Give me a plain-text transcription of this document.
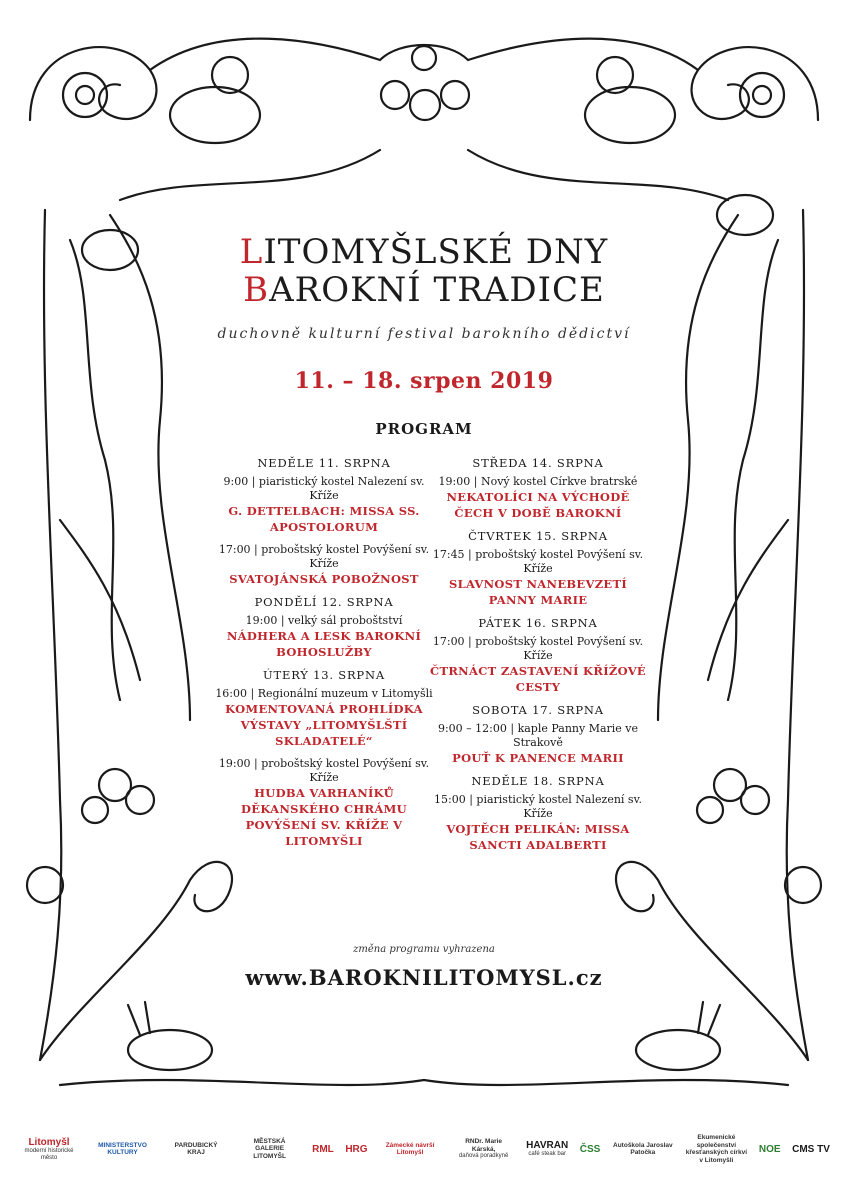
LITOMYŠLSKÉ DNY
BAROKNÍ TRADICE
duchovně kulturní festival barokního dědictví
11. – 18. srpen 2019
PROGRAM
NEDĚLE 11. SRPNA
9:00 | piaristický kostel Nalezení sv. Kříže
G. DETTELBACH: MISSA SS. APOSTOLORUM
17:00 | proboštský kostel Povýšení sv. Kříže
SVATOJÁNSKÁ POBOŽNOST
PONDĚLÍ 12. SRPNA
19:00 | velký sál proboštství
NÁDHERA A LESK BAROKNÍ BOHOSLUŽBY
ÚTERÝ 13. SRPNA
16:00 | Regionální muzeum v Litomyšli
KOMENTOVANÁ PROHLÍDKA VÝSTAVY „LITOMYŠLŠTÍ SKLADATELÉ“
19:00 | proboštský kostel Povýšení sv. Kříže
HUDBA VARHANÍKŮ DĚKANSKÉHO CHRÁMU POVÝŠENÍ SV. KŘÍŽE V LITOMYŠLI
STŘEDA 14. SRPNA
19:00 | Nový kostel Církve bratrské
NEKATOLÍCI NA VÝCHODĚ ČECH V DOBĚ BAROKNÍ
ČTVRTEK 15. SRPNA
17:45 | proboštský kostel Povýšení sv. Kříže
SLAVNOST NANEBEVZETÍ PANNY MARIE
PÁTEK 16. SRPNA
17:00 | proboštský kostel Povýšení sv. Kříže
ČTRNÁCT ZASTAVENÍ KŘÍŽOVÉ CESTY
SOBOTA 17. SRPNA
9:00 – 12:00 | kaple Panny Marie ve Strakově
POUŤ K PANENCE MARII
NEDĚLE 18. SRPNA
15:00 | piaristický kostel Nalezení sv. Kříže
VOJTĚCH PELIKÁN: MISSA SANCTI ADALBERTI
změna programu vyhrazena
www.BAROKNILITOMYSL.cz
Litomyšl
moderní historické město
MINISTERSTVO KULTURY
PARDUBICKÝ KRAJ
MĚSTSKÁ GALERIE LITOMYŠL
RML HRG	Zámecké návrší Litomyšl
RNDr. Marie Kárská,
daňová poradkyně
HAVRAN
café steak bar ČSS Autoškola Jaroslav Patočka
Ekumenické společenství křesťanských církví v Litomyšli
NOE CMS TV
